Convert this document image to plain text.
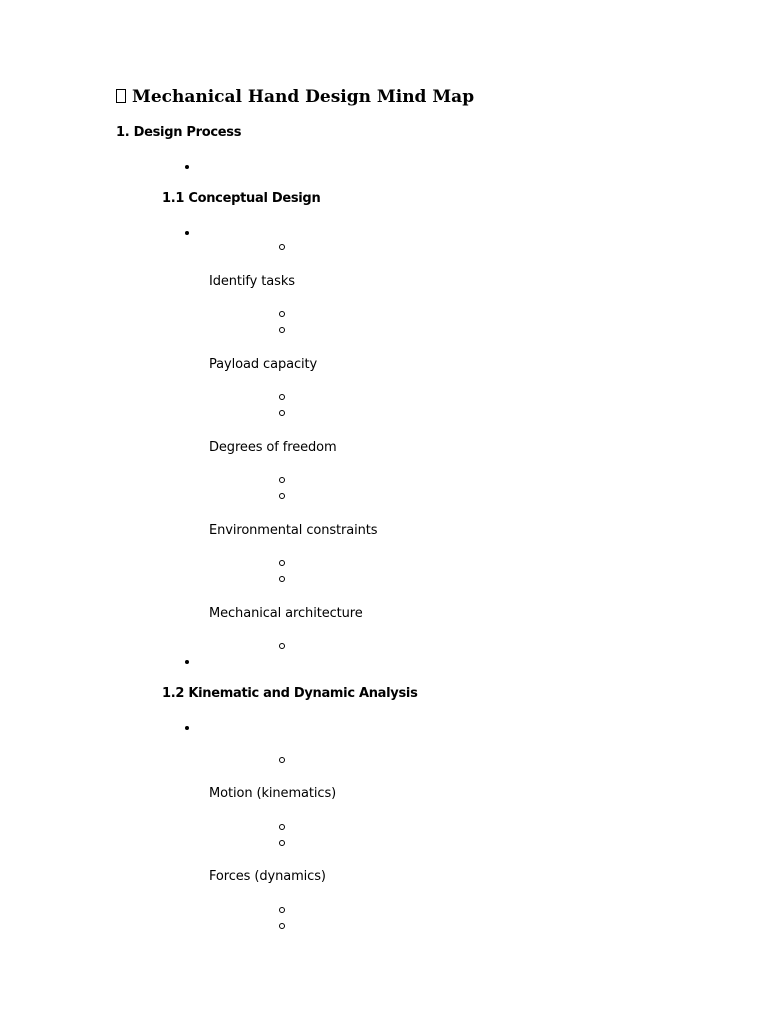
Mechanical Hand Design Mind Map
1. Design Process
1.1 Conceptual Design
Identify tasks
Payload capacity
Degrees of freedom
Environmental constraints
Mechanical architecture
1.2 Kinematic and Dynamic Analysis
Motion (kinematics)
Forces (dynamics)
